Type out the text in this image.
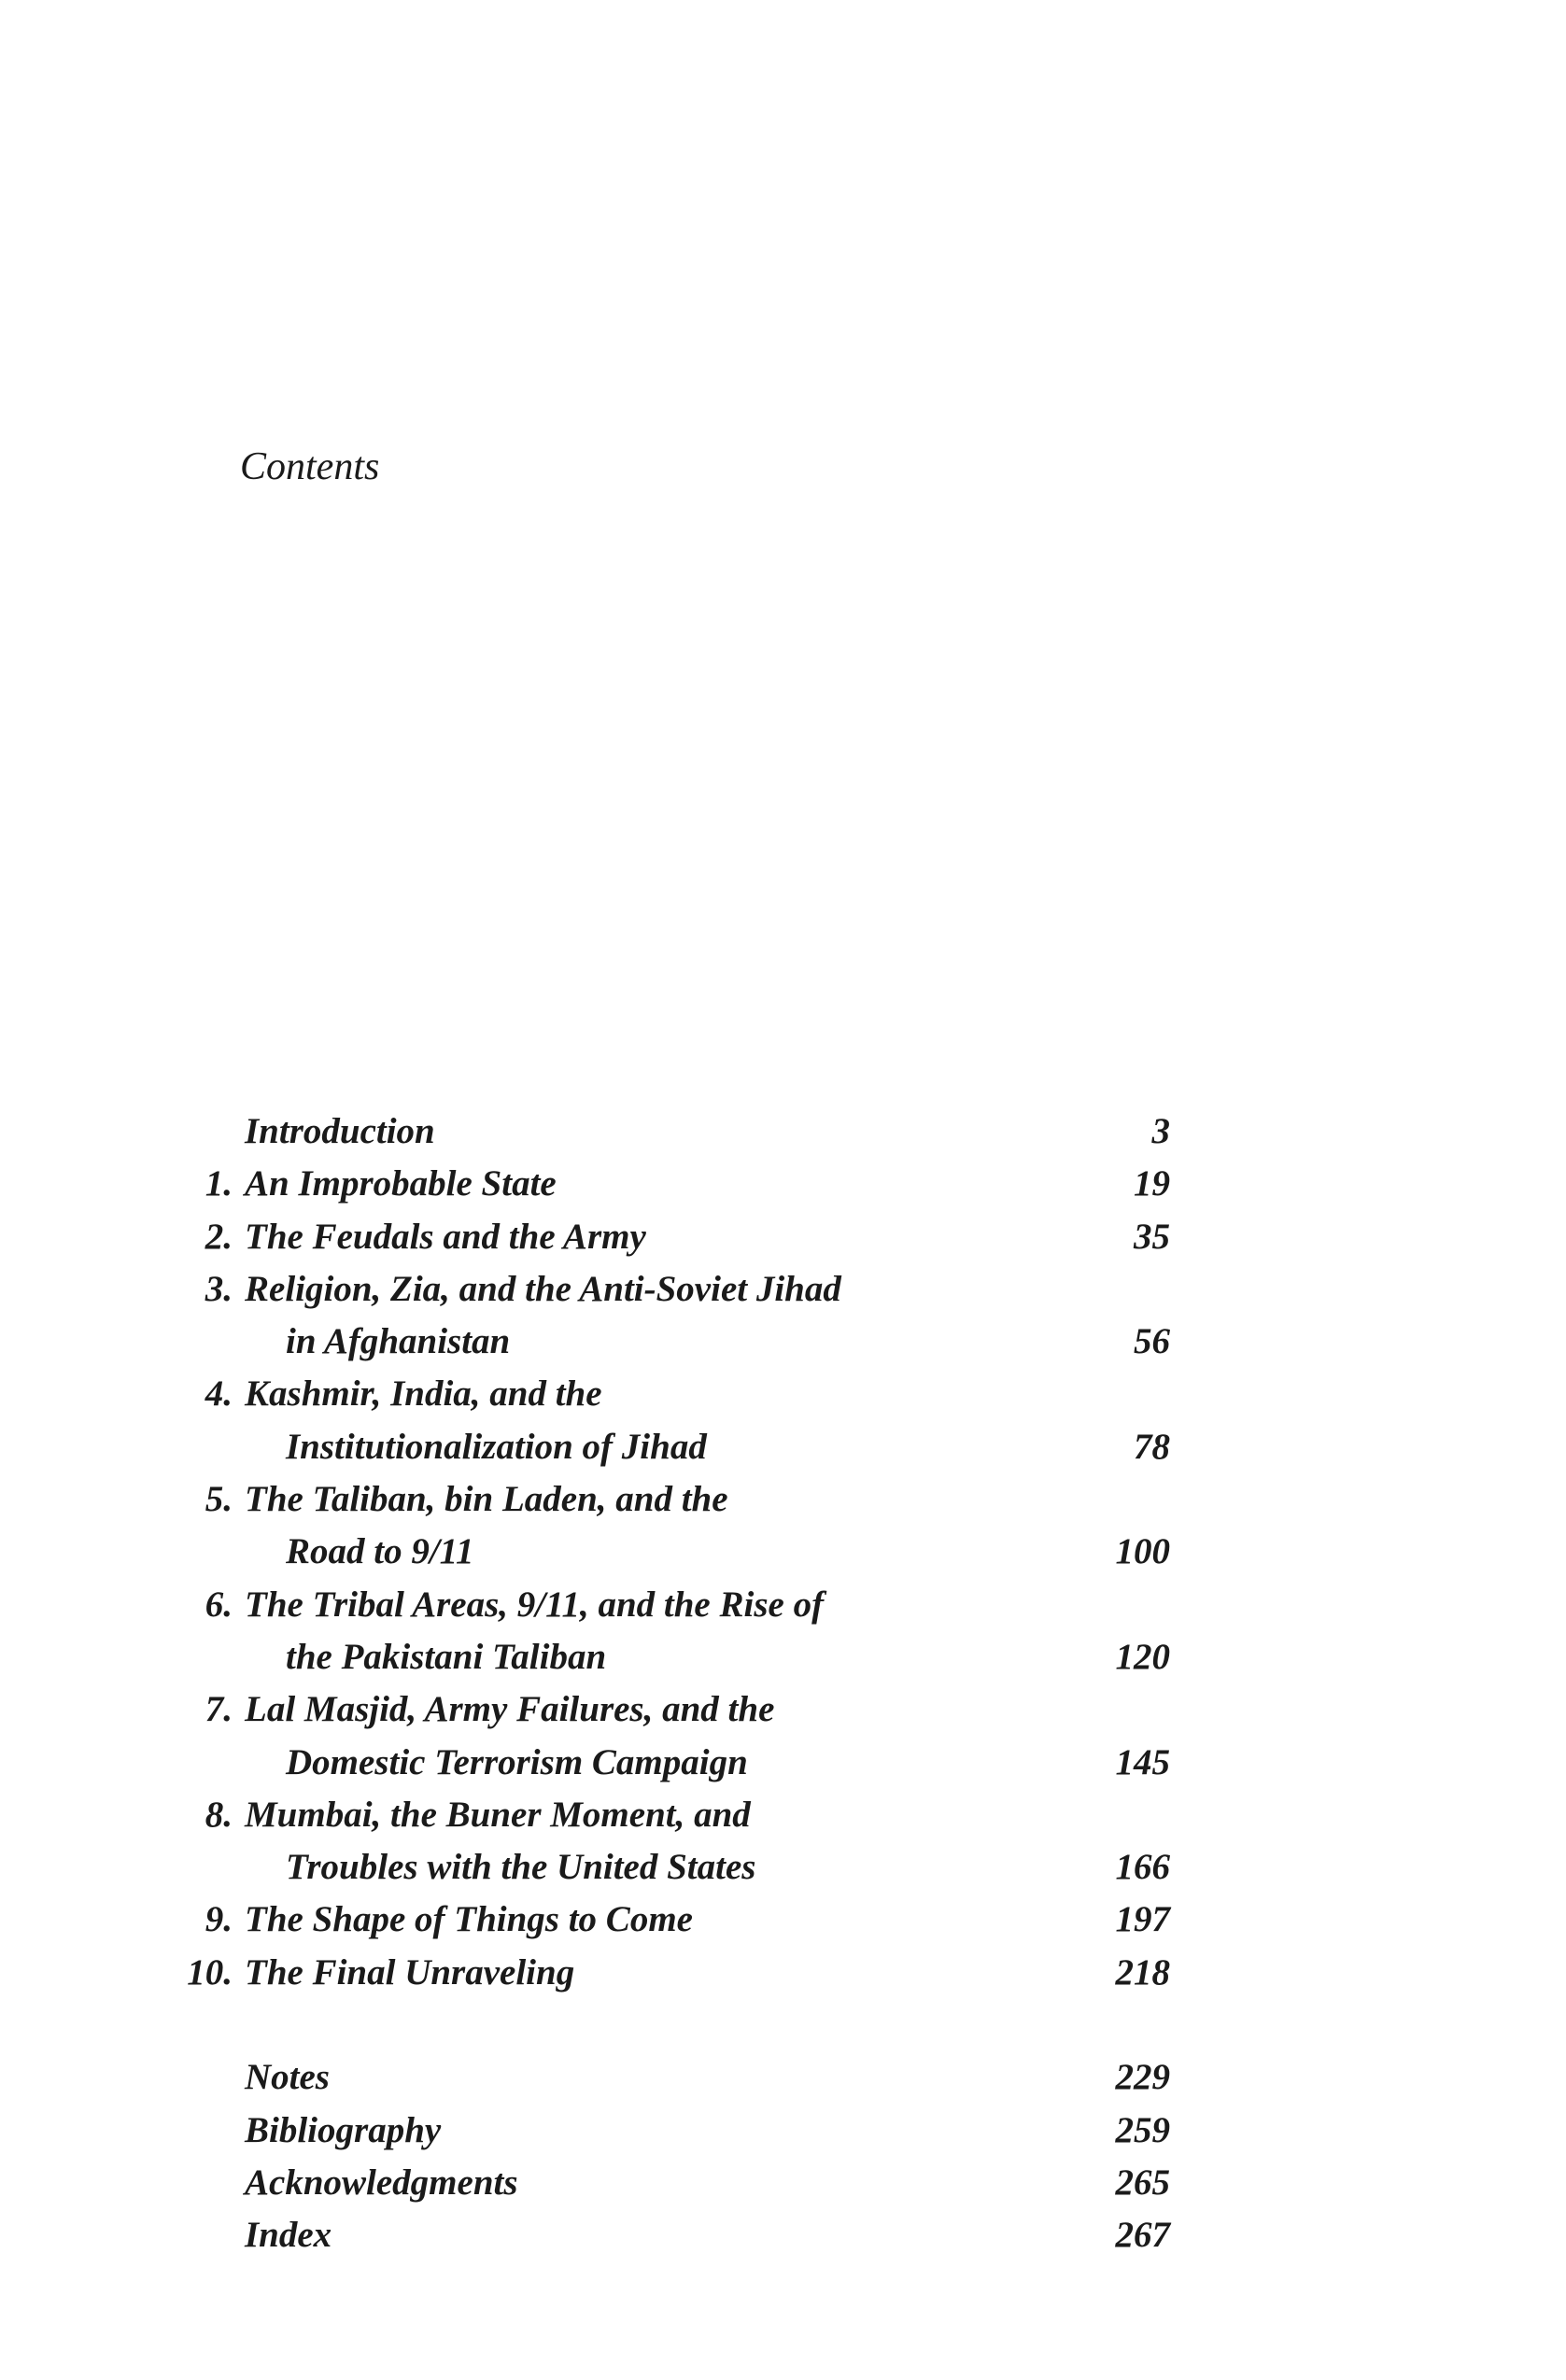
Contents
Introduction	3
1. An Improbable State	19
2. The Feudals and the Army	35
3. Religion, Zia, and the Anti-Soviet Jihad
in Afghanistan	56
4. Kashmir, India, and the
Institutionalization of Jihad	78
5. The Taliban, bin Laden, and the
Road to 9/11	100
6. The Tribal Areas, 9/11, and the Rise of
the Pakistani Taliban	120
7. Lal Masjid, Army Failures, and the
Domestic Terrorism Campaign	145
8. Mumbai, the Buner Moment, and
Troubles with the United States	166
9. The Shape of Things to Come	197
10. The Final Unraveling	218
Notes	229
Bibliography	259
Acknowledgments	265
Index	267
